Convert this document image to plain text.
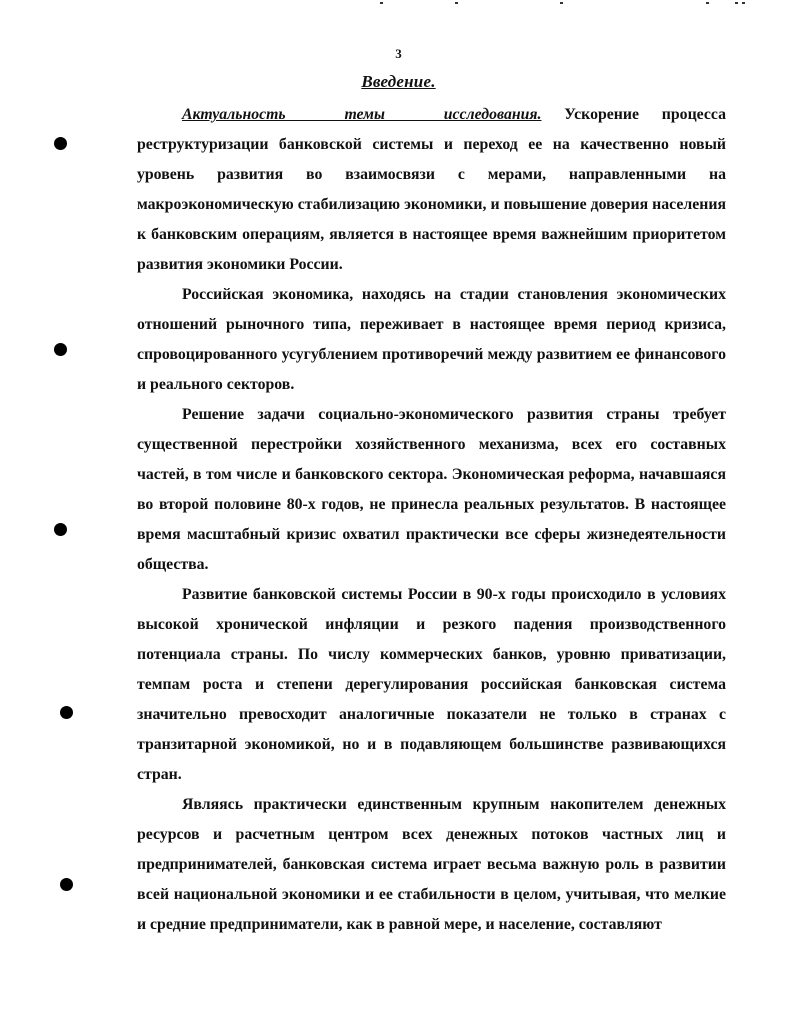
3
Введение.

Актуальность темы исследования. Ускорение процесса реструктуризации банковской системы и переход ее на качественно новый уровень развития во взаимосвязи с мерами, направленными на макроэкономическую стабилизацию экономики, и повышение доверия населения к банковским операциям, является в настоящее время важнейшим приоритетом развития экономики России.

Российская экономика, находясь на стадии становления экономических отношений рыночного типа, переживает в настоящее время период кризиса, спровоцированного усугублением противоречий между развитием ее финансового и реального секторов.

Решение задачи социально-экономического развития страны требует существенной перестройки хозяйственного механизма, всех его составных частей, в том числе и банковского сектора. Экономическая реформа, начавшаяся во второй половине 80-х годов, не принесла реальных результатов. В настоящее время масштабный кризис охватил практически все сферы жизнедеятельности общества.

Развитие банковской системы России в 90-х годы происходило в условиях высокой хронической инфляции и резкого падения производственного потенциала страны. По числу коммерческих банков, уровню приватизации, темпам роста и степени дерегулирования российская банковская система значительно превосходит аналогичные показатели не только в странах с транзитарной экономикой, но и в подавляющем большинстве развивающихся стран.

Являясь практически единственным крупным накопителем денежных ресурсов и расчетным центром всех денежных потоков частных лиц и предпринимателей, банковская система играет весьма важную роль в развитии всей национальной экономики и ее стабильности в целом, учитывая, что мелкие и средние предприниматели, как в равной мере, и население, составляют
